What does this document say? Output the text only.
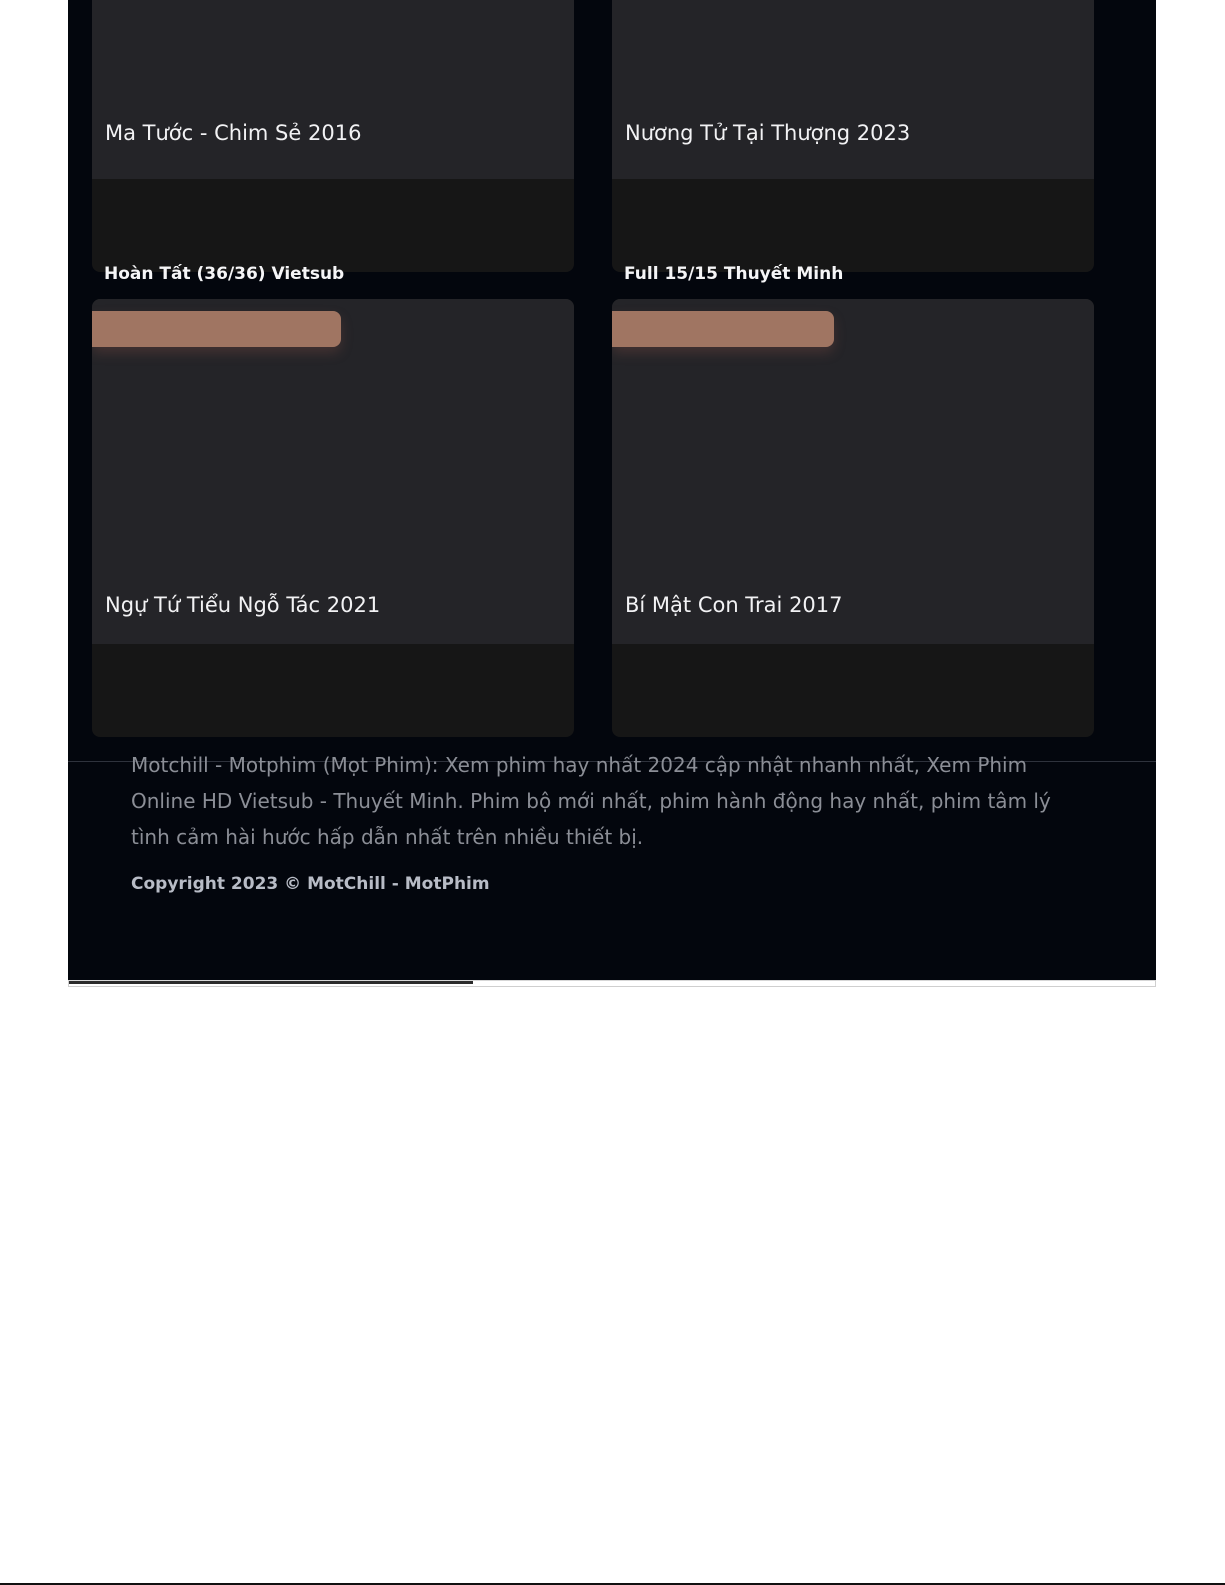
Ma Tước - Chim Sẻ 2016	Nương Tử Tại Thượng 2023
Hoàn Tất (36/36) Vietsub	Full 15/15 Thuyết Minh
Ngự Tứ Tiểu Ngỗ Tác 2021	Bí Mật Con Trai 2017

Motchill - Motphim (Mọt Phim): Xem phim hay nhất 2024 cập nhật nhanh nhất, Xem Phim Online HD Vietsub - Thuyết Minh. Phim bộ mới nhất, phim hành động hay nhất, phim tâm lý tình cảm hài hước hấp dẫn nhất trên nhiều thiết bị.

Copyright 2023 © MotChill - MotPhim
